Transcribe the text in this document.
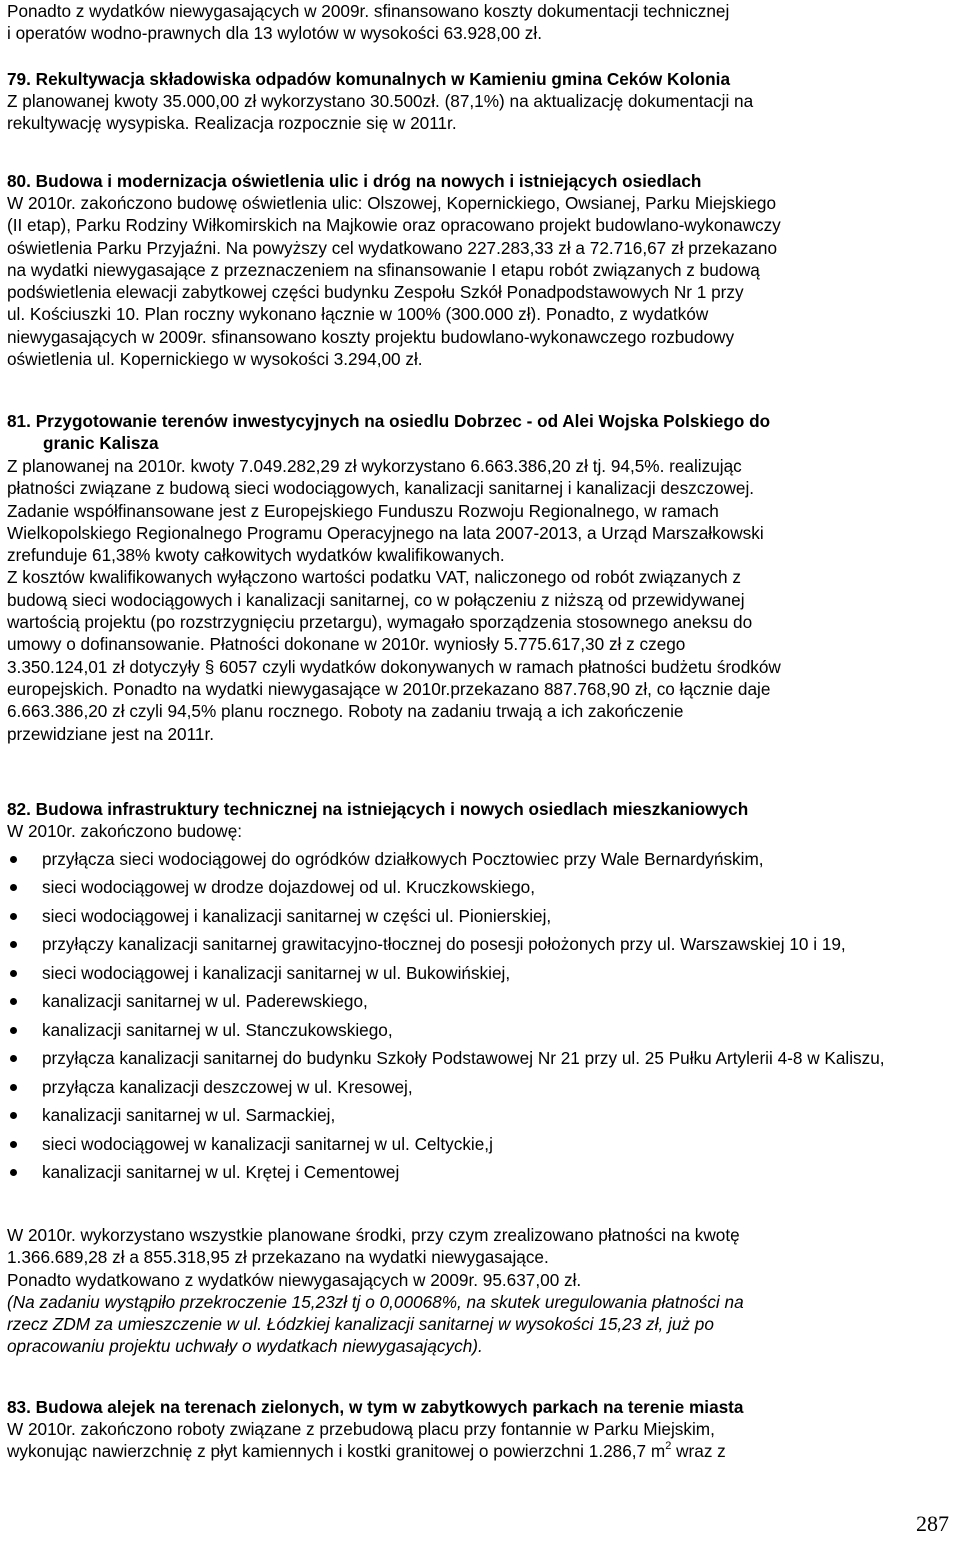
Ponadto z wydatków niewygasających w 2009r. sfinansowano koszty dokumentacji technicznej
i operatów wodno-prawnych dla 13 wylotów w wysokości 63.928,00 zł.

79. Rekultywacja składowiska odpadów komunalnych w Kamieniu gmina Ceków Kolonia

Z planowanej kwoty 35.000,00 zł wykorzystano 30.500zł. (87,1%) na aktualizację dokumentacji na
rekultywację wysypiska. Realizacja rozpocznie się w 2011r.

80. Budowa i modernizacja oświetlenia ulic i dróg na nowych i istniejących osiedlach

W 2010r. zakończono budowę oświetlenia ulic: Olszowej, Kopernickiego, Owsianej, Parku Miejskiego
(II etap), Parku Rodziny Wiłkomirskich na Majkowie oraz opracowano projekt budowlano-wykonawczy
oświetlenia Parku Przyjaźni. Na powyższy cel wydatkowano 227.283,33 zł a 72.716,67 zł przekazano
na wydatki niewygasające z przeznaczeniem na sfinansowanie I etapu robót związanych z budową
podświetlenia elewacji zabytkowej części budynku Zespołu Szkół Ponadpodstawowych Nr 1 przy
ul. Kościuszki 10. Plan roczny wykonano łącznie w 100% (300.000 zł). Ponadto, z wydatków
niewygasających w 2009r. sfinansowano koszty projektu budowlano-wykonawczego rozbudowy
oświetlenia ul. Kopernickiego w wysokości 3.294,00 zł.
81. Przygotowanie terenów inwestycyjnych na osiedlu Dobrzec - od Alei Wojska Polskiego do
granic Kalisza
Z planowanej na 2010r. kwoty 7.049.282,29 zł wykorzystano 6.663.386,20 zł tj. 94,5%. realizując
płatności związane z budową sieci wodociągowych, kanalizacji sanitarnej i kanalizacji deszczowej.
Zadanie współfinansowane jest z Europejskiego Funduszu Rozwoju Regionalnego, w ramach
Wielkopolskiego Regionalnego Programu Operacyjnego na lata 2007-2013, a Urząd Marszałkowski
zrefunduje 61,38% kwoty całkowitych wydatków kwalifikowanych.
Z kosztów kwalifikowanych wyłączono wartości podatku VAT, naliczonego od robót związanych z
budową sieci wodociągowych i kanalizacji sanitarnej, co w połączeniu z niższą od przewidywanej
wartością projektu (po rozstrzygnięciu przetargu), wymagało sporządzenia stosownego aneksu do
umowy o dofinansowanie. Płatności dokonane w 2010r. wyniosły 5.775.617,30 zł z czego
3.350.124,01 zł dotyczyły § 6057 czyli wydatków dokonywanych w ramach płatności budżetu środków
europejskich. Ponadto na wydatki niewygasające w 2010r.przekazano 887.768,90 zł, co łącznie daje
6.663.386,20 zł czyli 94,5% planu rocznego. Roboty na zadaniu trwają a ich zakończenie
przewidziane jest na 2011r.

82. Budowa infrastruktury technicznej na istniejących i nowych osiedlach mieszkaniowych

W 2010r. zakończono budowę:

przyłącza sieci wodociągowej do ogródków działkowych Pocztowiec przy Wale Bernardyńskim,
sieci wodociągowej w drodze dojazdowej od ul. Kruczkowskiego,
sieci wodociągowej i kanalizacji sanitarnej w części ul. Pionierskiej,
przyłączy kanalizacji sanitarnej grawitacyjno-tłocznej do posesji położonych przy ul. Warszawskiej 10 i 19,
sieci wodociągowej i kanalizacji sanitarnej w ul. Bukowińskiej,
kanalizacji sanitarnej w ul. Paderewskiego,
kanalizacji sanitarnej w ul. Stanczukowskiego,
przyłącza kanalizacji sanitarnej do budynku Szkoły Podstawowej Nr 21 przy ul. 25 Pułku Artylerii 4-8 w Kaliszu,
przyłącza kanalizacji deszczowej w ul. Kresowej,
kanalizacji sanitarnej w ul. Sarmackiej,
sieci wodociągowej w kanalizacji sanitarnej w ul. Celtyckie,j
kanalizacji sanitarnej w ul. Krętej i Cementowej
W 2010r. wykorzystano wszystkie planowane środki, przy czym zrealizowano płatności na kwotę
1.366.689,28 zł a 855.318,95 zł przekazano na wydatki niewygasające.
Ponadto wydatkowano z wydatków niewygasających w 2009r. 95.637,00 zł.
(Na zadaniu wystąpiło przekroczenie 15,23zł tj o 0,00068%, na skutek uregulowania płatności na
rzecz ZDM za umieszczenie w ul. Łódzkiej kanalizacji sanitarnej w wysokości 15,23 zł, już po
opracowaniu projektu uchwały o wydatkach niewygasających).

83. Budowa alejek na terenach zielonych, w tym w zabytkowych parkach na terenie miasta

W 2010r. zakończono roboty związane z przebudową placu przy fontannie w Parku Miejskim,
wykonując nawierzchnię z płyt kamiennych i kostki granitowej o powierzchni 1.286,7 $m^2$ wraz z
287
